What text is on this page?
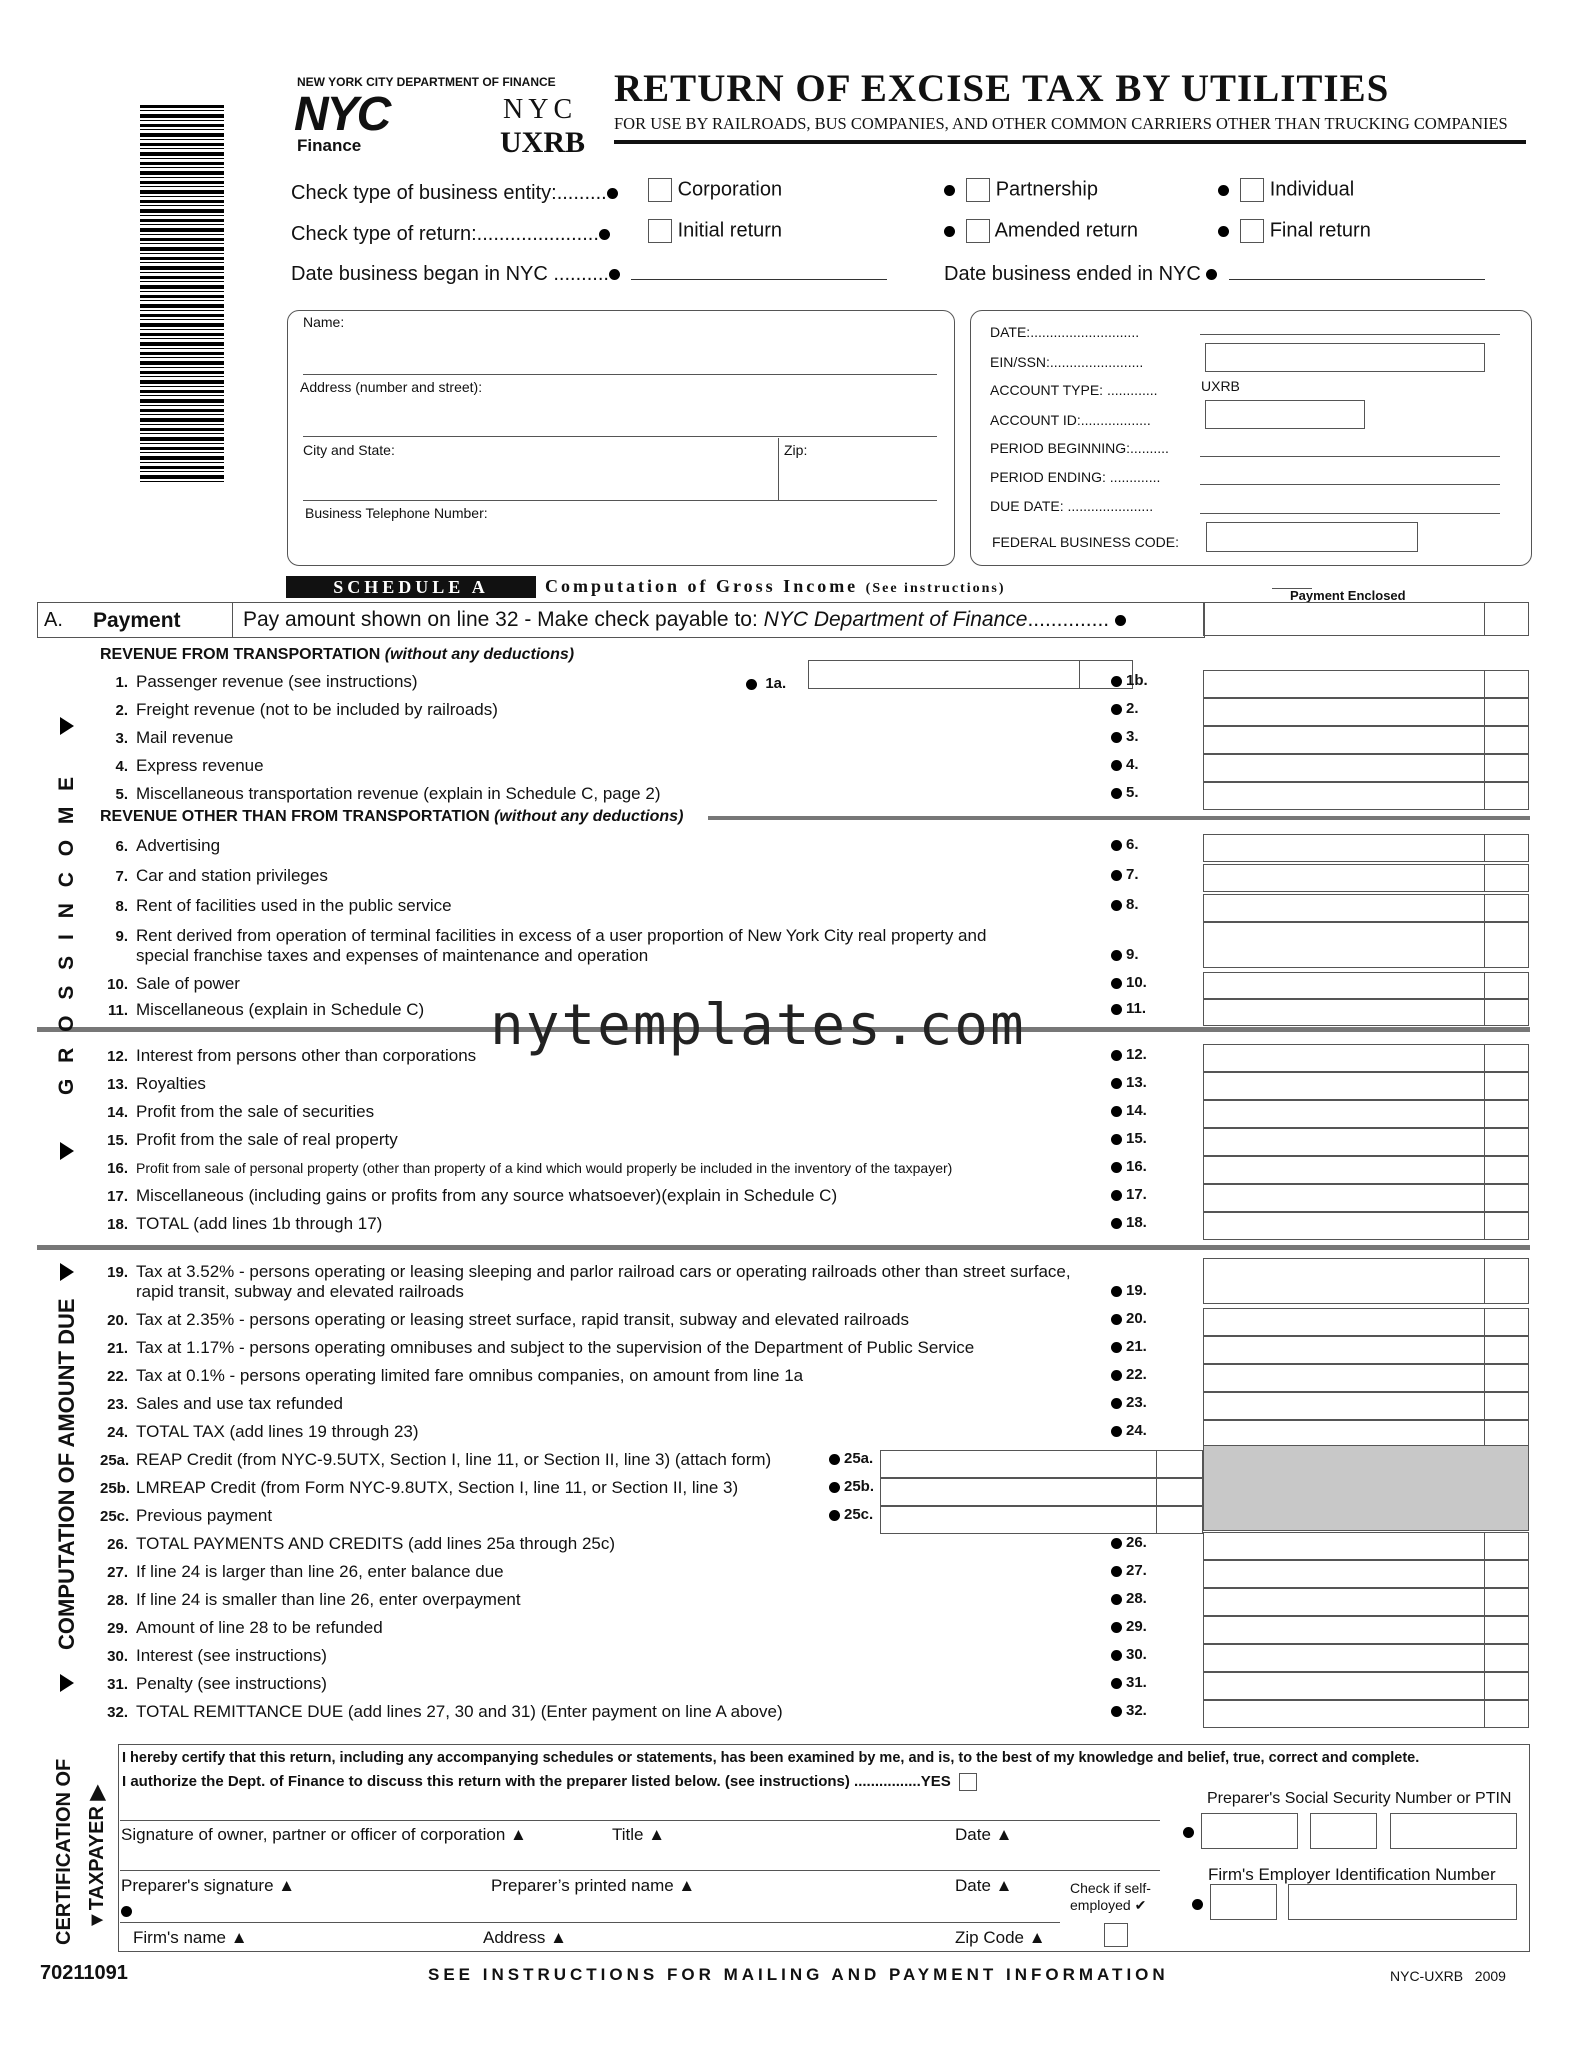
NEW YORK CITY DEPARTMENT OF FINANCE
NYC
Finance
NYC
UXRB
RETURN OF EXCISE TAX BY UTILITIES
FOR USE BY RAILROADS, BUS COMPANIES, AND OTHER COMMON CARRIERS OTHER THAN TRUCKING COMPANIES
Check type of business entity:.........	Corporation	Partnership	Individual
Check type of return:......................	Initial return	Amended return	Final return
Date business began in NYC ..........	Date business ended in NYC
Name:
Address (number and street):
City and State:	Zip:
Business Telephone Number:
DATE:............................
EIN/SSN:........................
ACCOUNT TYPE: .............	UXRB
ACCOUNT ID:..................
PERIOD BEGINNING:..........
PERIOD ENDING: .............
DUE DATE: ......................
FEDERAL BUSINESS CODE:
SCHEDULE A	Computation of Gross Income (See instructions)	Payment Enclosed
A. Payment	Pay amount shown on line 32 - Make check payable to: NYC Department of Finance..............
REVENUE FROM TRANSPORTATION (without any deductions)
REVENUE OTHER THAN FROM TRANSPORTATION (without any deductions)
1a.
1. Passenger revenue (see instructions)	1b.
2. Freight revenue (not to be included by railroads)	2.
3. Mail revenue	3.
4. Express revenue	4.
5. Miscellaneous transportation revenue (explain in Schedule C, page 2)	5.
6. Advertising	6.
7. Car and station privileges	7.
8. Rent of facilities used in the public service	8.
9. Rent derived from operation of terminal facilities in excess of a user proportion of New York City real property and
special franchise taxes and expenses of maintenance and operation	9.
10. Sale of power	10.
11. Miscellaneous (explain in Schedule C)	11.
12. Interest from persons other than corporations	12.
13. Royalties	13.
14. Profit from the sale of securities	14.
15. Profit from the sale of real property	15.
16. Profit from sale of personal property (other than property of a kind which would properly be included in the inventory of the taxpayer)	16.
17. Miscellaneous (including gains or profits from any source whatsoever)(explain in Schedule C)	17.
18. TOTAL (add lines 1b through 17)	18.
19. Tax at 3.52% - persons operating or leasing sleeping and parlor railroad cars or operating railroads other than street surface,
rapid transit, subway and elevated railroads	19.
20. Tax at 2.35% - persons operating or leasing street surface, rapid transit, subway and elevated railroads	20.
21. Tax at 1.17% - persons operating omnibuses and subject to the supervision of the Department of Public Service	21.
22. Tax at 0.1% - persons operating limited fare omnibus companies, on amount from line 1a	22.
23. Sales and use tax refunded	23.
24. TOTAL TAX (add lines 19 through 23)	24.
25a. REAP Credit (from NYC-9.5UTX, Section I, line 11, or Section II, line 3) (attach form)	25a.
25b. LMREAP Credit (from Form NYC-9.8UTX, Section I, line 11, or Section II, line 3)	25b.
25c. Previous payment	25c.
26. TOTAL PAYMENTS AND CREDITS (add lines 25a through 25c)	26.
27. If line 24 is larger than line 26, enter balance due	27.
28. If line 24 is smaller than line 26, enter overpayment	28.
29. Amount of line 28 to be refunded	29.
30. Interest (see instructions)	30.
31. Penalty (see instructions)	31.
32. TOTAL REMITTANCE DUE (add lines 27, 30 and 31) (Enter payment on line A above)	32.
G R O S S I N C O M E
COMPUTATION OF AMOUNT DUE
CERTIFICATION OF ▼TAXPAYER ▶
nytemplates.com
I hereby certify that this return, including any accompanying schedules or statements, has been examined by me, and is, to the best of my knowledge and belief, true, correct and complete.
I authorize the Dept. of Finance to discuss this return with the preparer listed below. (see instructions) ................YES
Signature of owner, partner or officer of corporation ▲	Title ▲	Date ▲
Preparer's signature ▲	Preparer’s printed name ▲	Date ▲	Check if self-
employed ✔
Firm's name ▲	Address ▲	Zip Code ▲
Preparer's Social Security Number or PTIN
Firm's Employer Identification Number
70211091	SEE INSTRUCTIONS FOR MAILING AND PAYMENT INFORMATION	NYC-UXRB 2009
